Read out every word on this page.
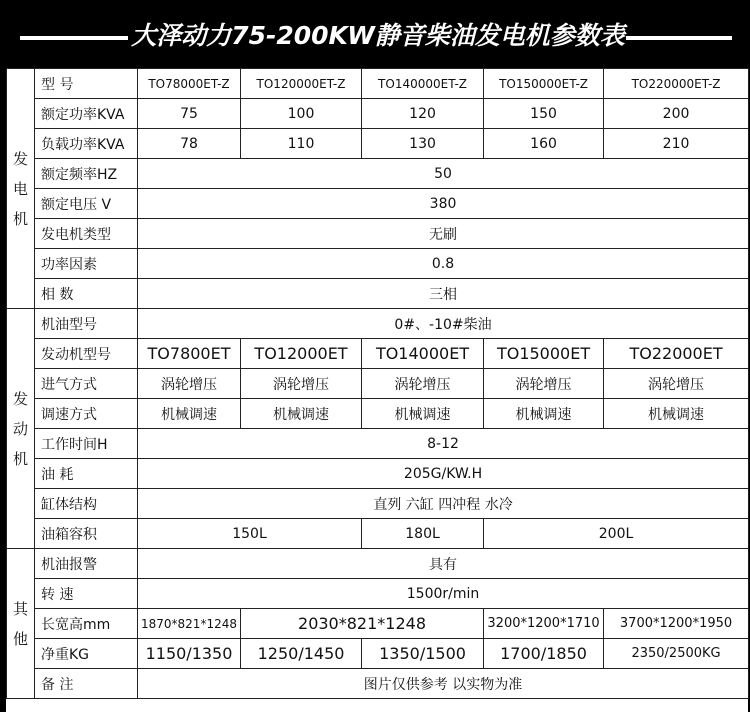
大泽动力75-200KW静音柴油发电机参数表
发
电
机	型 号	TO78000ET-Z	TO120000ET-Z	TO140000ET-Z	TO150000ET-Z	TO220000ET-Z
	额定功率KVA	75	100	120	150	200
	负载功率KVA	78	110	130	160	210
	额定频率HZ	50				
	额定电压 V	380				
	发电机类型	无刷				
	功率因素	0.8				
	相 数	三相				

发
动
机	机油型号	0#、-10#柴油				
	发动机型号	TO7800ET	TO12000ET	TO14000ET	TO15000ET	TO22000ET
	进气方式	涡轮增压	涡轮增压	涡轮增压	涡轮增压	涡轮增压
	调速方式	机械调速	机械调速	机械调速	机械调速	机械调速
	工作时间H	8-12				
	油 耗	205G/KW.H				
	缸体结构	直列 六缸 四冲程 水冷				
	油箱容积	150L		180L	200L	

其
他	机油报警	具有				
	转 速	1500r/min				
	长宽高mm	1870*821*1248	2030*821*1248		3200*1200*1710	3700*1200*1950
	净重KG	1150/1350	1250/1450	1350/1500	1700/1850	2350/2500KG
	备 注	图片仅供参考 以实物为准				
